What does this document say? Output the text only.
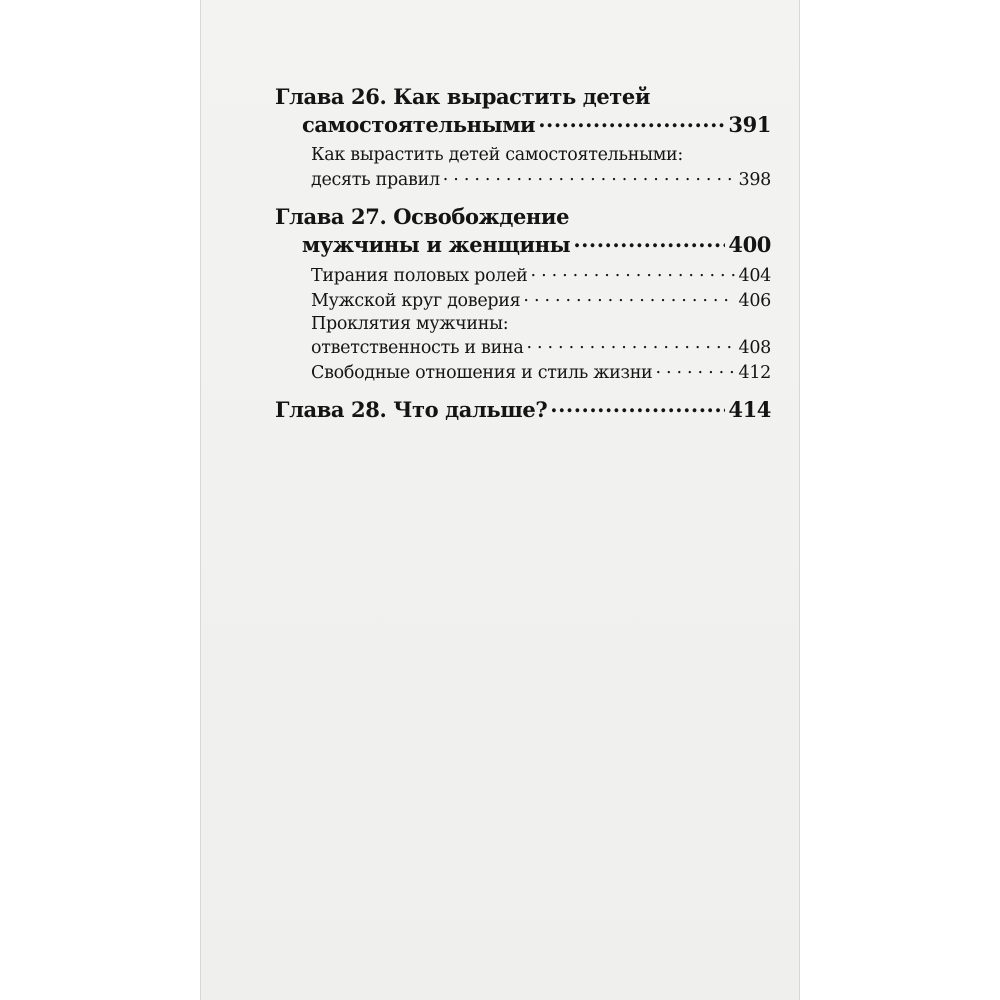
Глава 26. Как вырастить детей
самостоятельными .....	391
Как вырастить детей самостоятельными:
десять правил . . .	398
Глава 27. Освобождение
мужчины и женщины .....	400
Тирания половых ролей . . .	404
Мужской круг доверия . . .	406
Проклятия мужчины:
ответственность и вина . . .	408
Свободные отношения и стиль жизни . . .	412
Глава 28. Что дальше? .....	414
